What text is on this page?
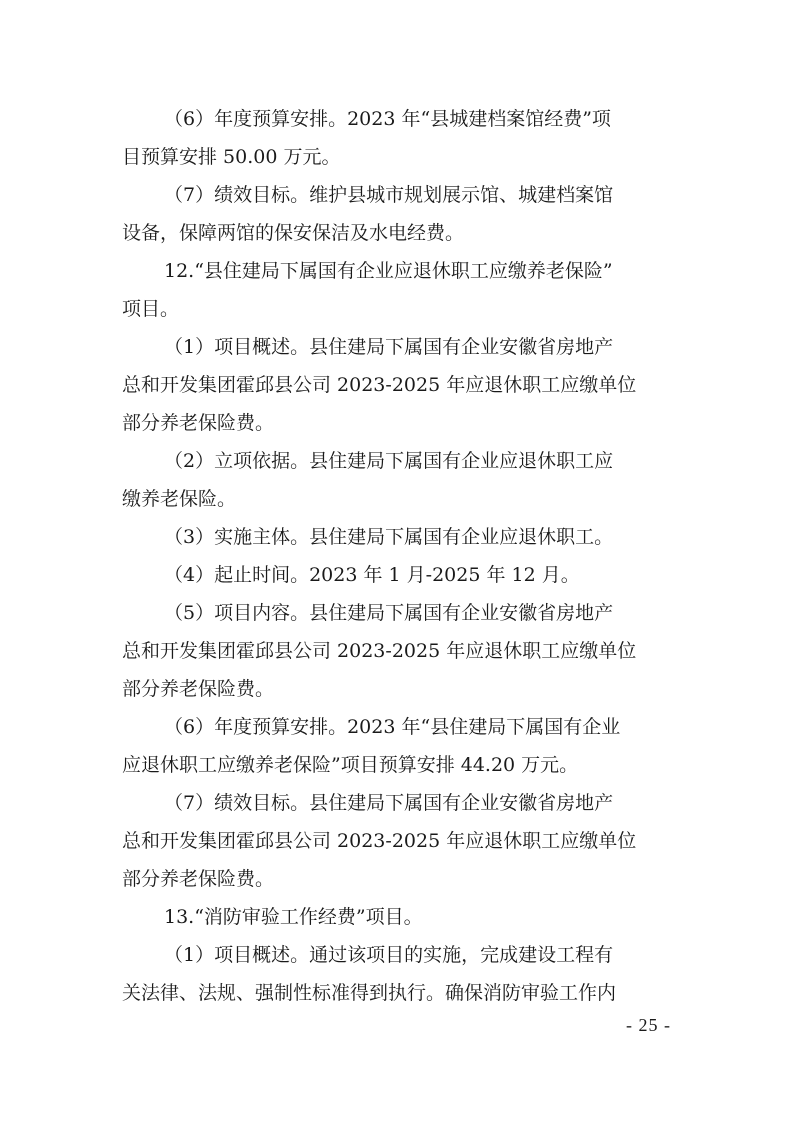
（6）年度预算安排。2023 年“县城建档案馆经费”项
目预算安排 50.00 万元。
（7）绩效目标。维护县城市规划展示馆、城建档案馆
设备，保障两馆的保安保洁及水电经费。
12.“县住建局下属国有企业应退休职工应缴养老保险”
项目。
（1）项目概述。县住建局下属国有企业安徽省房地产
总和开发集团霍邱县公司 2023-2025 年应退休职工应缴单位
部分养老保险费。
（2）立项依据。县住建局下属国有企业应退休职工应
缴养老保险。
（3）实施主体。县住建局下属国有企业应退休职工。
（4）起止时间。2023 年 1 月-2025 年 12 月。
（5）项目内容。县住建局下属国有企业安徽省房地产
总和开发集团霍邱县公司 2023-2025 年应退休职工应缴单位
部分养老保险费。
（6）年度预算安排。2023 年“县住建局下属国有企业
应退休职工应缴养老保险”项目预算安排 44.20 万元。
（7）绩效目标。县住建局下属国有企业安徽省房地产
总和开发集团霍邱县公司 2023-2025 年应退休职工应缴单位
部分养老保险费。
13.“消防审验工作经费”项目。
（1）项目概述。通过该项目的实施，完成建设工程有
关法律、法规、强制性标准得到执行。确保消防审验工作内
- 25 -
